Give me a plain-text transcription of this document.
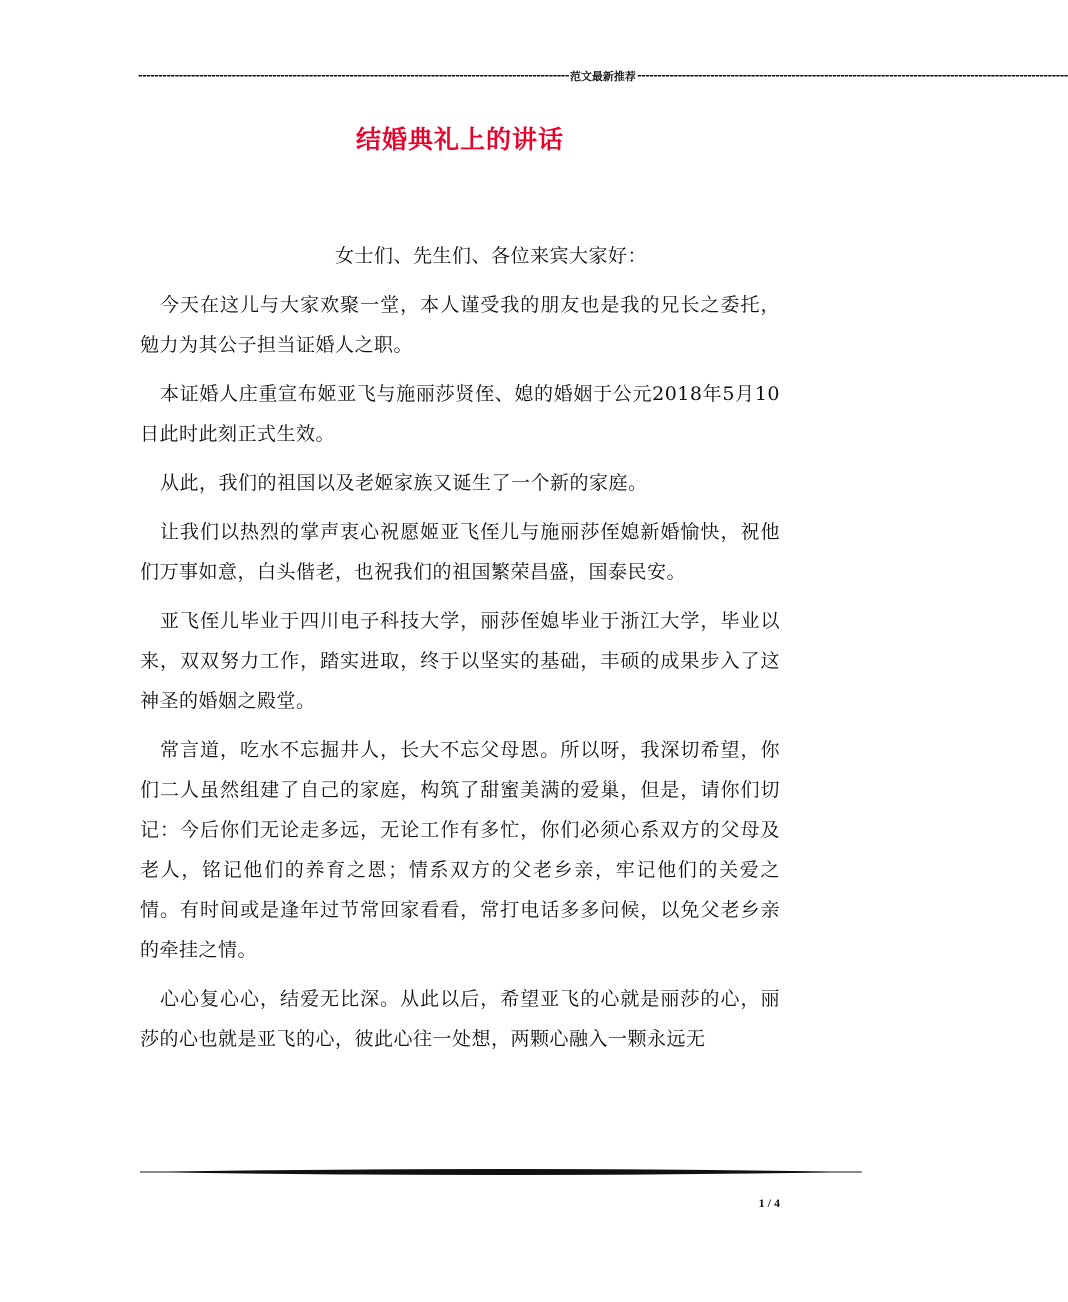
---------------------------------------------------------------------------------------------------------- 范文最新推荐 ----------------------------------------------------------------------------------------------------------
结婚典礼上的讲话

女士们、先生们、各位来宾大家好：

今天在这儿与大家欢聚一堂，本人谨受我的朋友也是我的兄长之委托，勉力为其公子担当证婚人之职。

本证婚人庄重宣布姬亚飞与施丽莎贤侄、媳的婚姻于公元2018年5月10日此时此刻正式生效。

从此，我们的祖国以及老姬家族又诞生了一个新的家庭。

让我们以热烈的掌声衷心祝愿姬亚飞侄儿与施丽莎侄媳新婚愉快，祝他们万事如意，白头偕老，也祝我们的祖国繁荣昌盛，国泰民安。

亚飞侄儿毕业于四川电子科技大学，丽莎侄媳毕业于浙江大学，毕业以来，双双努力工作，踏实进取，终于以坚实的基础，丰硕的成果步入了这神圣的婚姻之殿堂。

常言道，吃水不忘掘井人，长大不忘父母恩。所以呀，我深切希望，你们二人虽然组建了自己的家庭，构筑了甜蜜美满的爱巢，但是，请你们切记：今后你们无论走多远，无论工作有多忙，你们必须心系双方的父母及老人，铭记他们的养育之恩；情系双方的父老乡亲，牢记他们的关爱之情。有时间或是逢年过节常回家看看，常打电话多多问候，以免父老乡亲的牵挂之情。

心心复心心，结爱无比深。从此以后，希望亚飞的心就是丽莎的心，丽莎的心也就是亚飞的心，彼此心往一处想，两颗心融入一颗永远无

1 / 4
